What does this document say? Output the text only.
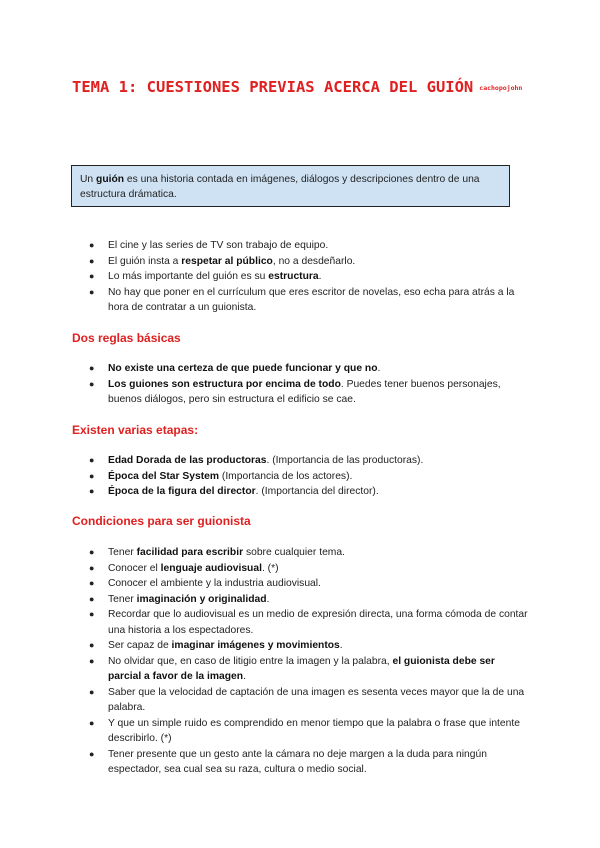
TEMA 1: CUESTIONES PREVIAS ACERCA DEL GUIÓN cachopojohn
Un guión es una historia contada en imágenes, diálogos y descripciones dentro de una estructura drámatica.
● El cine y las series de TV son trabajo de equipo.
● El guión insta a respetar al público, no a desdeñarlo.
● Lo más importante del guión es su estructura.
● No hay que poner en el currículum que eres escritor de novelas, eso echa para atrás a la hora de contratar a un guionista.
Dos reglas básicas
● No existe una certeza de que puede funcionar y que no.
● Los guiones son estructura por encima de todo. Puedes tener buenos personajes, buenos diálogos, pero sin estructura el edificio se cae.
Existen varias etapas:
● Edad Dorada de las productoras. (Importancia de las productoras).
● Época del Star System (Importancia de los actores).
● Época de la figura del director. (Importancia del director).
Condiciones para ser guionista
● Tener facilidad para escribir sobre cualquier tema.
● Conocer el lenguaje audiovisual. (*)
● Conocer el ambiente y la industria audiovisual.
● Tener imaginación y originalidad.
● Recordar que lo audiovisual es un medio de expresión directa, una forma cómoda de contar una historia a los espectadores.
● Ser capaz de imaginar imágenes y movimientos.
● No olvidar que, en caso de litigio entre la imagen y la palabra, el guionista debe ser parcial a favor de la imagen.
● Saber que la velocidad de captación de una imagen es sesenta veces mayor que la de una palabra.
● Y que un simple ruido es comprendido en menor tiempo que la palabra o frase que intente describirlo. (*)
● Tener presente que un gesto ante la cámara no deje margen a la duda para ningún espectador, sea cual sea su raza, cultura o medio social.
